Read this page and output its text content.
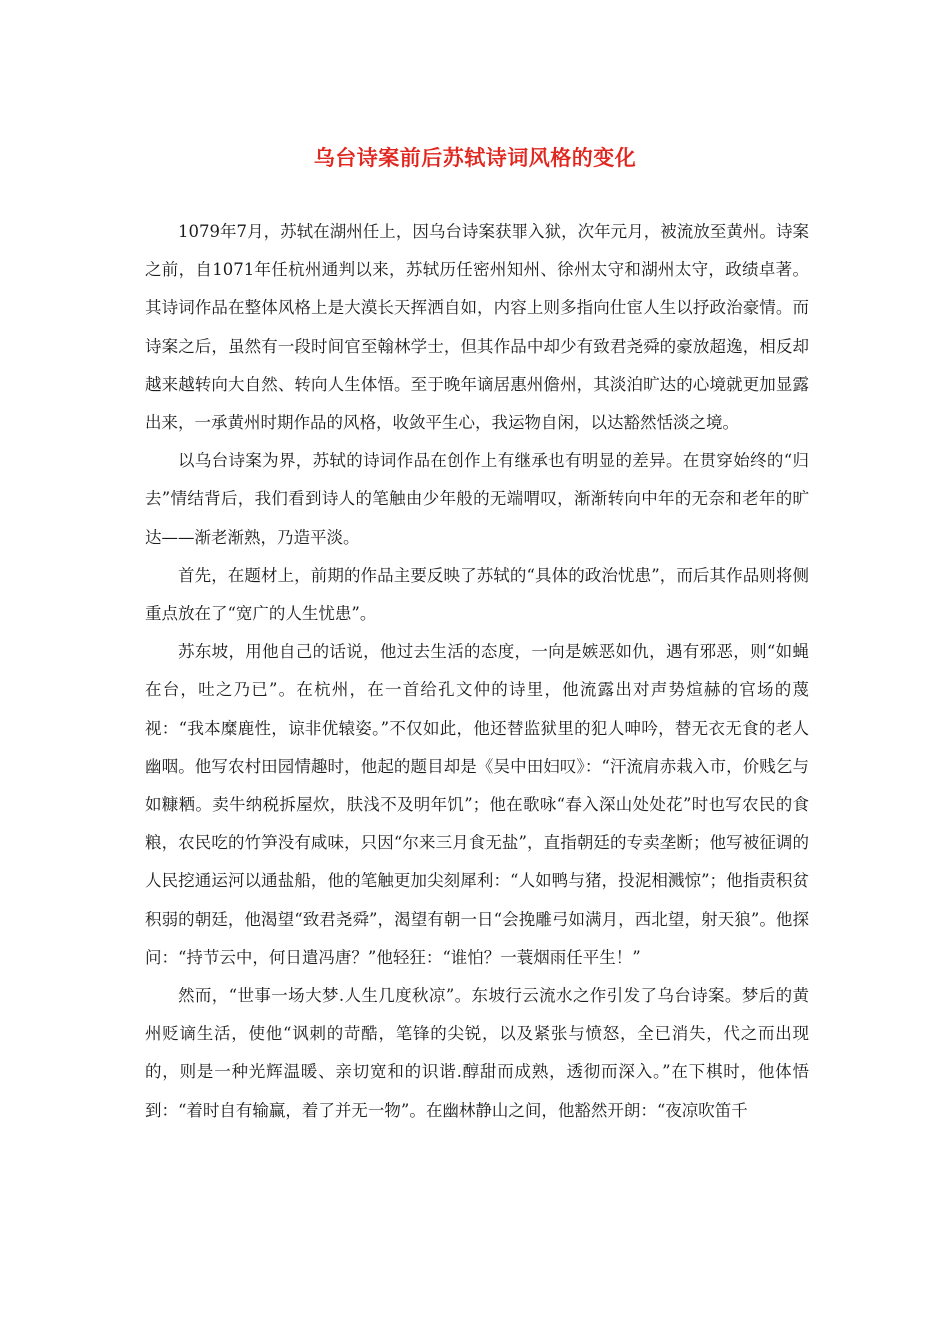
乌台诗案前后苏轼诗词风格的变化

1079年7月，苏轼在湖州任上，因乌台诗案获罪入狱，次年元月，被流放至黄州。诗案之前，自1071年任杭州通判以来，苏轼历任密州知州、徐州太守和湖州太守，政绩卓著。其诗词作品在整体风格上是大漠长天挥洒自如，内容上则多指向仕宦人生以抒政治豪情。而诗案之后，虽然有一段时间官至翰林学士，但其作品中却少有致君尧舜的豪放超逸，相反却越来越转向大自然、转向人生体悟。至于晚年谪居惠州儋州，其淡泊旷达的心境就更加显露出来，一承黄州时期作品的风格，收敛平生心，我运物自闲，以达豁然恬淡之境。

以乌台诗案为界，苏轼的诗词作品在创作上有继承也有明显的差异。在贯穿始终的“归去”情结背后，我们看到诗人的笔触由少年般的无端喟叹，渐渐转向中年的无奈和老年的旷达——渐老渐熟，乃造平淡。

首先，在题材上，前期的作品主要反映了苏轼的“具体的政治忧患”，而后其作品则将侧重点放在了“宽广的人生忧患”。

苏东坡，用他自己的话说，他过去生活的态度，一向是嫉恶如仇，遇有邪恶，则“如蝇在台，吐之乃已”。在杭州，在一首给孔文仲的诗里，他流露出对声势煊赫的官场的蔑视：“我本糜鹿性，谅非优辕姿。”不仅如此，他还替监狱里的犯人呻吟，替无衣无食的老人幽咽。他写农村田园情趣时，他起的题目却是《吴中田妇叹》：“汗流肩赤栽入市，价贱乞与如糠粞。卖牛纳税拆屋炊，肤浅不及明年饥”；他在歌咏“春入深山处处花”时也写农民的食粮，农民吃的竹笋没有咸味，只因“尔来三月食无盐”，直指朝廷的专卖垄断；他写被征调的人民挖通运河以通盐船，他的笔触更加尖刻犀利：“人如鸭与猪，投泥相溅惊”；他指责积贫积弱的朝廷，他渴望“致君尧舜”，渴望有朝一日“会挽雕弓如满月，西北望，射天狼”。他探问：“持节云中，何日遣冯唐？”他轻狂：“谁怕？一蓑烟雨任平生！”

然而，“世事一场大梦.人生几度秋凉”。东坡行云流水之作引发了乌台诗案。梦后的黄州贬谪生活，使他“讽刺的苛酷，笔锋的尖锐，以及紧张与愤怒，全已消失，代之而出现的，则是一种光辉温暖、亲切宽和的识谐.醇甜而成熟，透彻而深入。”在下棋时，他体悟到：“着时自有输赢，着了并无一物”。在幽林静山之间，他豁然开朗：“夜凉吹笛千
